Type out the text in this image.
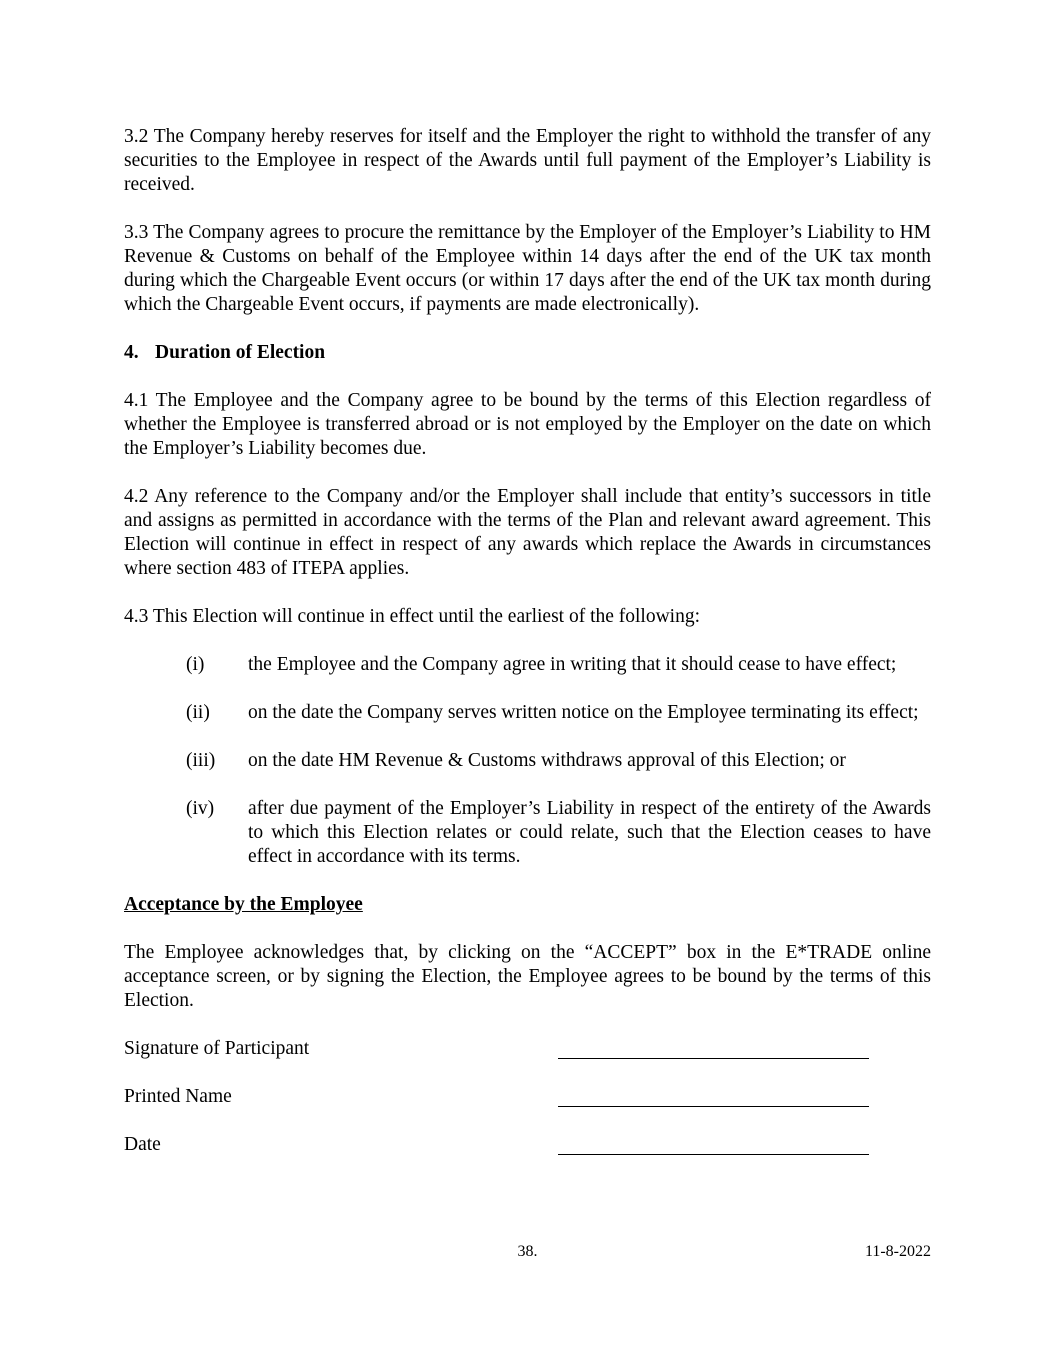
3.2 The Company hereby reserves for itself and the Employer the right to withhold the transfer of any securities to the Employee in respect of the Awards until full payment of the Employer’s Liability is received.

3.3 The Company agrees to procure the remittance by the Employer of the Employer’s Liability to HM Revenue & Customs on behalf of the Employee within 14 days after the end of the UK tax month during which the Chargeable Event occurs (or within 17 days after the end of the UK tax month during which the Chargeable Event occurs, if payments are made electronically).

4. Duration of Election

4.1 The Employee and the Company agree to be bound by the terms of this Election regardless of whether the Employee is transferred abroad or is not employed by the Employer on the date on which the Employer’s Liability becomes due.

4.2 Any reference to the Company and/or the Employer shall include that entity’s successors in title and assigns as permitted in accordance with the terms of the Plan and relevant award agreement. This Election will continue in effect in respect of any awards which replace the Awards in circumstances where section 483 of ITEPA applies.

4.3 This Election will continue in effect until the earliest of the following:

(i) the Employee and the Company agree in writing that it should cease to have effect;
(ii) on the date the Company serves written notice on the Employee terminating its effect;
(iii) on the date HM Revenue & Customs withdraws approval of this Election; or
(iv) after due payment of the Employer’s Liability in respect of the entirety of the Awards to which this Election relates or could relate, such that the Election ceases to have effect in accordance with its terms.
Acceptance by the Employee

The Employee acknowledges that, by clicking on the “ACCEPT” box in the E*TRADE online acceptance screen, or by signing the Election, the Employee agrees to be bound by the terms of this Election.

Signature of Participant
Printed Name
Date
38.	11-8-2022
